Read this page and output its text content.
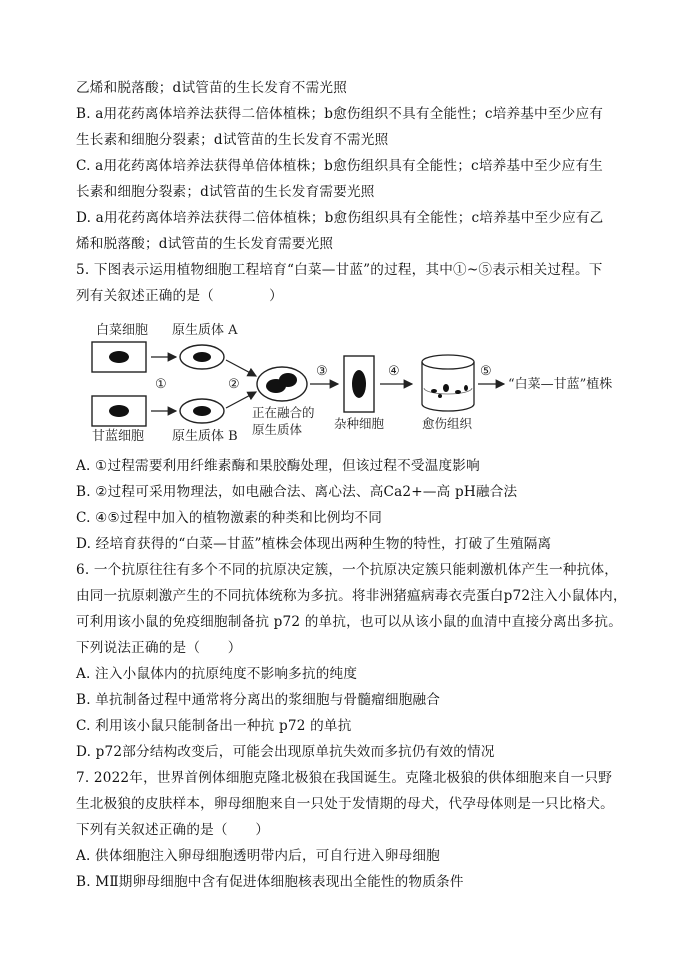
乙烯和脱落酸；d试管苗的生长发育不需光照
B. a用花药离体培养法获得二倍体植株；b愈伤组织不具有全能性；c培养基中至少应有
生长素和细胞分裂素；d试管苗的生长发育不需光照
C. a用花药离体培养法获得单倍体植株；b愈伤组织具有全能性；c培养基中至少应有生
长素和细胞分裂素；d试管苗的生长发育需要光照
D. a用花药离体培养法获得二倍体植株；b愈伤组织具有全能性；c培养基中至少应有乙
烯和脱落酸；d试管苗的生长发育需要光照
5. 下图表示运用植物细胞工程培育“白菜—甘蓝”的过程，其中①~⑤表示相关过程。下
列有关叙述正确的是（　　　　）
白菜细胞 原生质体 A
甘蓝细胞 原生质体 B
①	②
正在融合的
原生质体
③
杂种细胞
④
愈伤组织
⑤
“白菜—甘蓝”植株
A. ①过程需要利用纤维素酶和果胶酶处理，但该过程不受温度影响
B. ②过程可采用物理法，如电融合法、离心法、高Ca2+—高 pH融合法
C. ④⑤过程中加入的植物激素的种类和比例均不同
D. 经培育获得的“白菜—甘蓝”植株会体现出两种生物的特性，打破了生殖隔离
6. 一个抗原往往有多个不同的抗原决定簇，一个抗原决定簇只能刺激机体产生一种抗体，
由同一抗原刺激产生的不同抗体统称为多抗。将非洲猪瘟病毒衣壳蛋白p72注入小鼠体内，
可利用该小鼠的免疫细胞制备抗 p72 的单抗，也可以从该小鼠的血清中直接分离出多抗。
下列说法正确的是（　　）
A. 注入小鼠体内的抗原纯度不影响多抗的纯度
B. 单抗制备过程中通常将分离出的浆细胞与骨髓瘤细胞融合
C. 利用该小鼠只能制备出一种抗 p72 的单抗
D. p72部分结构改变后，可能会出现原单抗失效而多抗仍有效的情况
7. 2022年，世界首例体细胞克隆北极狼在我国诞生。克隆北极狼的供体细胞来自一只野
生北极狼的皮肤样本，卵母细胞来自一只处于发情期的母犬，代孕母体则是一只比格犬。
下列有关叙述正确的是（　　）
A. 供体细胞注入卵母细胞透明带内后，可自行进入卵母细胞
B. MⅡ期卵母细胞中含有促进体细胞核表现出全能性的物质条件
